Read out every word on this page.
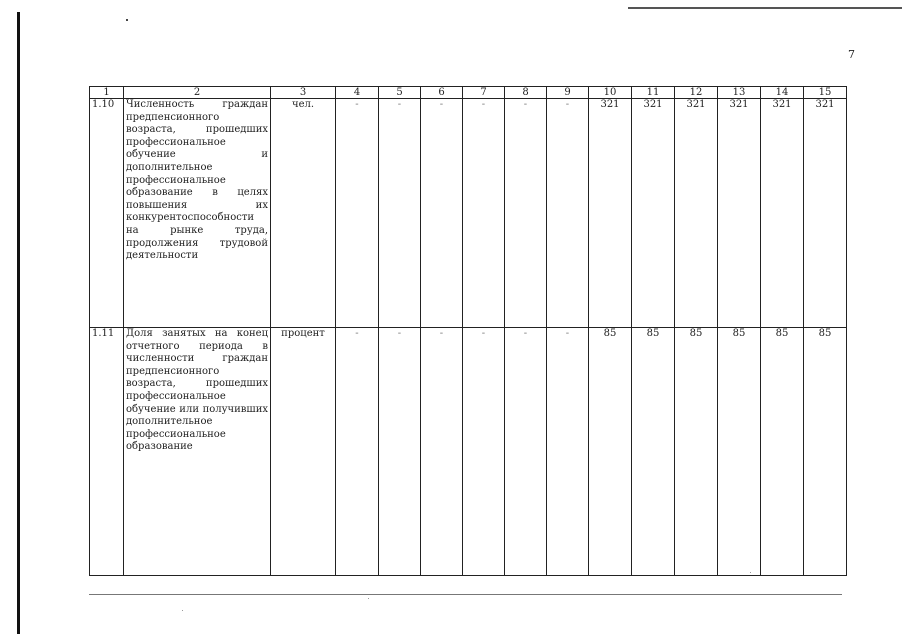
7
1	2	3	4	5	6	7	8	9	10	11	12	13	14	15
1.10	Численность граждан предпенсионного возраста, прошедших профессиональное обучение и дополнительное профессиональное образование в целях повышения их конкурентоспособности на рынке труда, продолжения трудовой деятельности	чел.	-	-	-	-	-	-	321	321	321	321	321	321
1.11	Доля занятых на конец отчетного периода в численности граждан предпенсионного возраста, прошедших профессиональное обучение или получивших дополнительное профессиональное образование	процент	-	-	-	-	-	-	85	85	85	85	85	85
